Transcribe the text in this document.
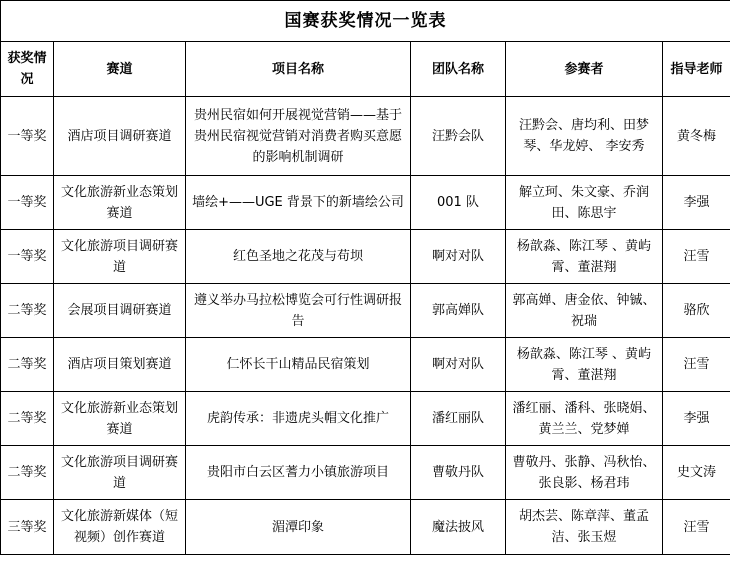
国赛获奖情况一览表					
获奖情况	赛道	项目名称	团队名称	参赛者	指导老师
一等奖	酒店项目调研赛道	贵州民宿如何开展视觉营销——基于贵州民宿视觉营销对消费者购买意愿的影响机制调研	汪黔会队	汪黔会、唐均利、田梦琴、华龙婷、 李安秀	黄冬梅
一等奖	文化旅游新业态策划赛道	墙绘+——UGE 背景下的新墙绘公司	001 队	解立珂、朱文豪、乔润田、陈思宇	李强
一等奖	文化旅游项目调研赛道	红色圣地之花茂与苟坝	啊对对队	杨歆淼、陈江琴 、黄屿霄、董湛翔	汪雪
二等奖	会展项目调研赛道	遵义举办马拉松博览会可行性调研报告	郭高婵队	郭高婵、唐金依、钟铖、祝瑞	骆欣
二等奖	酒店项目策划赛道	仁怀长干山精品民宿策划	啊对对队	杨歆淼、陈江琴 、黄屿霄、董湛翔	汪雪
二等奖	文化旅游新业态策划赛道	虎韵传承：非遗虎头帽文化推广	潘红丽队	潘红丽、潘科、张晓娟、黄兰兰、党梦婵	李强
二等奖	文化旅游项目调研赛道	贵阳市白云区蓍力小镇旅游项目	曹敬丹队	曹敬丹、张静、冯秋怡、张良影、杨君玮	史文涛
三等奖	文化旅游新媒体（短视频）创作赛道	湄潭印象	魔法披风	胡杰芸、陈章萍、董孟洁、张玉煜	汪雪
